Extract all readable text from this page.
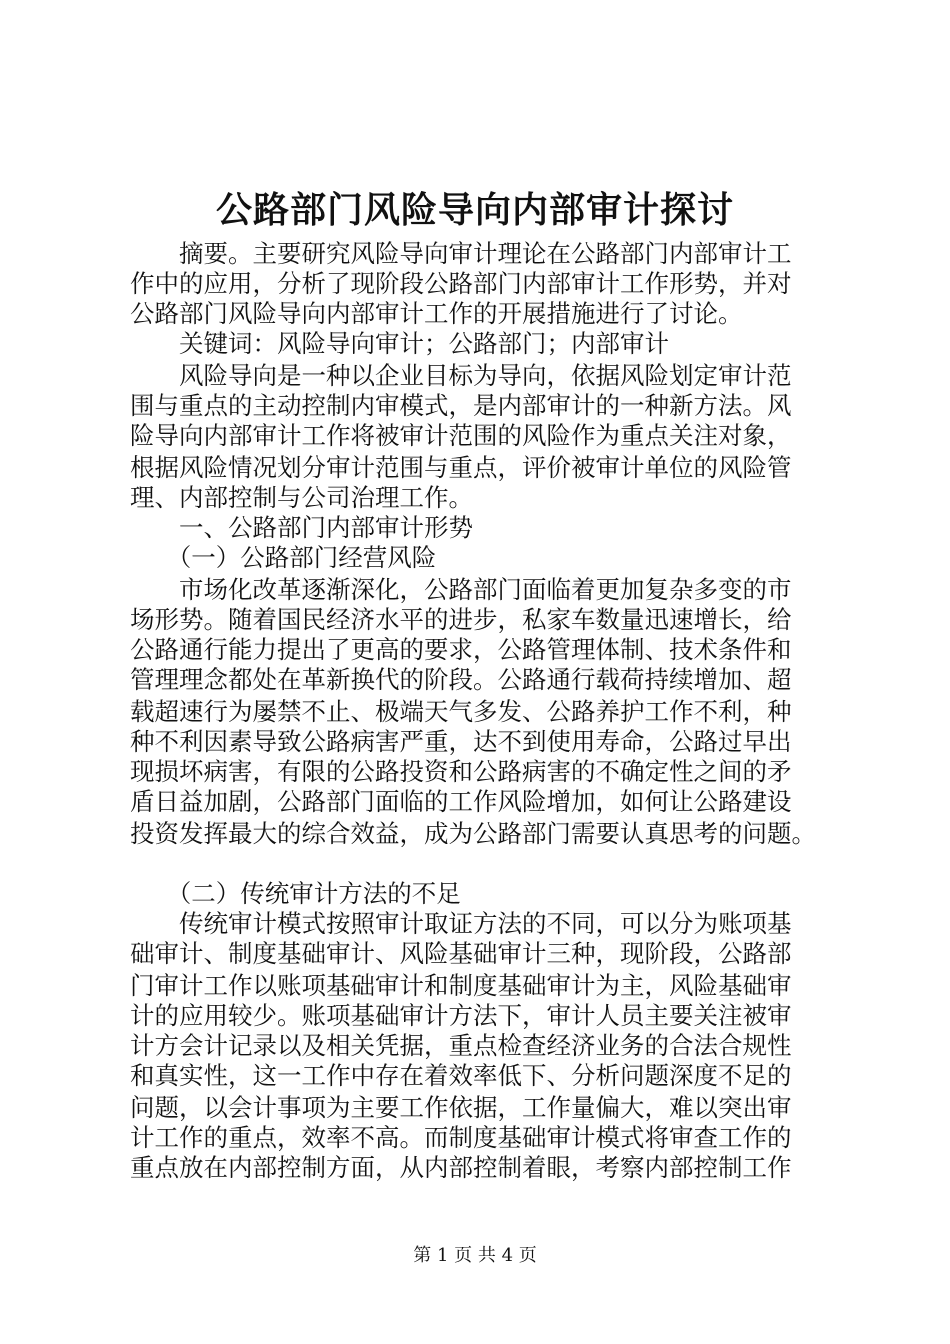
公路部门风险导向内部审计探讨
　　摘要。主要研究风险导向审计理论在公路部门内部审计工
作中的应用，分析了现阶段公路部门内部审计工作形势，并对
公路部门风险导向内部审计工作的开展措施进行了讨论。
　　关键词：风险导向审计；公路部门；内部审计
　　风险导向是一种以企业目标为导向，依据风险划定审计范
围与重点的主动控制内审模式，是内部审计的一种新方法。风
险导向内部审计工作将被审计范围的风险作为重点关注对象，
根据风险情况划分审计范围与重点，评价被审计单位的风险管
理、内部控制与公司治理工作。
　　一、公路部门内部审计形势
　　（一）公路部门经营风险
　　市场化改革逐渐深化，公路部门面临着更加复杂多变的市
场形势。随着国民经济水平的进步，私家车数量迅速增长，给
公路通行能力提出了更高的要求，公路管理体制、技术条件和
管理理念都处在革新换代的阶段。公路通行载荷持续增加、超
载超速行为屡禁不止、极端天气多发、公路养护工作不利，种
种不利因素导致公路病害严重，达不到使用寿命，公路过早出
现损坏病害，有限的公路投资和公路病害的不确定性之间的矛
盾日益加剧，公路部门面临的工作风险增加，如何让公路建设
投资发挥最大的综合效益，成为公路部门需要认真思考的问题。
　　（二）传统审计方法的不足
　　传统审计模式按照审计取证方法的不同，可以分为账项基
础审计、制度基础审计、风险基础审计三种，现阶段，公路部
门审计工作以账项基础审计和制度基础审计为主，风险基础审
计的应用较少。账项基础审计方法下，审计人员主要关注被审
计方会计记录以及相关凭据，重点检查经济业务的合法合规性
和真实性，这一工作中存在着效率低下、分析问题深度不足的
问题，以会计事项为主要工作依据，工作量偏大，难以突出审
计工作的重点，效率不高。而制度基础审计模式将审查工作的
重点放在内部控制方面，从内部控制着眼，考察内部控制工作
第 1 页 共 4 页
